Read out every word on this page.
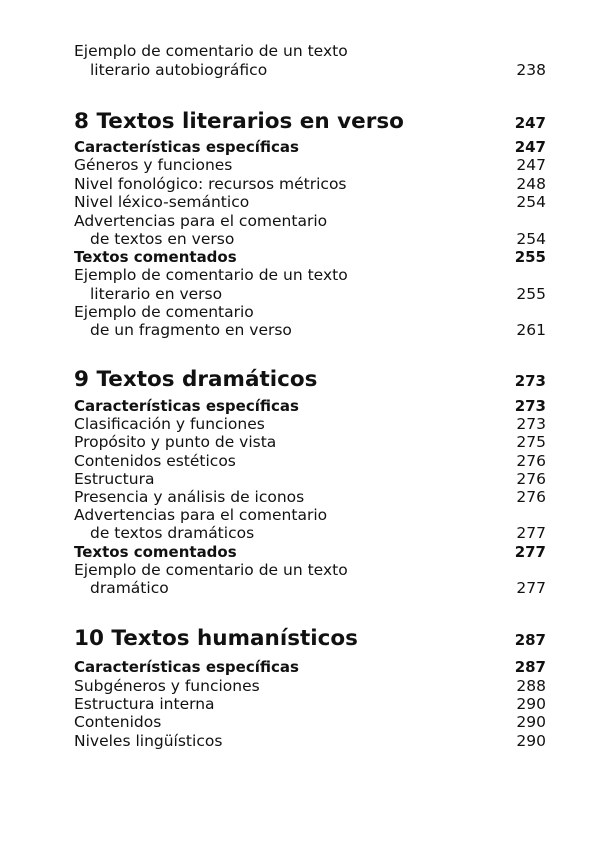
Ejemplo de comentario de un texto
literario autobiográfico	238
8 Textos literarios en verso	247
Características específicas	247
Géneros y funciones	247
Nivel fonológico: recursos métricos	248
Nivel léxico-semántico	254
Advertencias para el comentario
de textos en verso	254
Textos comentados	255
Ejemplo de comentario de un texto
literario en verso	255
Ejemplo de comentario
de un fragmento en verso	261
9 Textos dramáticos	273
Características específicas	273
Clasificación y funciones	273
Propósito y punto de vista	275
Contenidos estéticos	276
Estructura	276
Presencia y análisis de iconos	276
Advertencias para el comentario
de textos dramáticos	277
Textos comentados	277
Ejemplo de comentario de un texto
dramático	277
10 Textos humanísticos	287
Características específicas	287
Subgéneros y funciones	288
Estructura interna	290
Contenidos	290
Niveles lingüísticos	290
